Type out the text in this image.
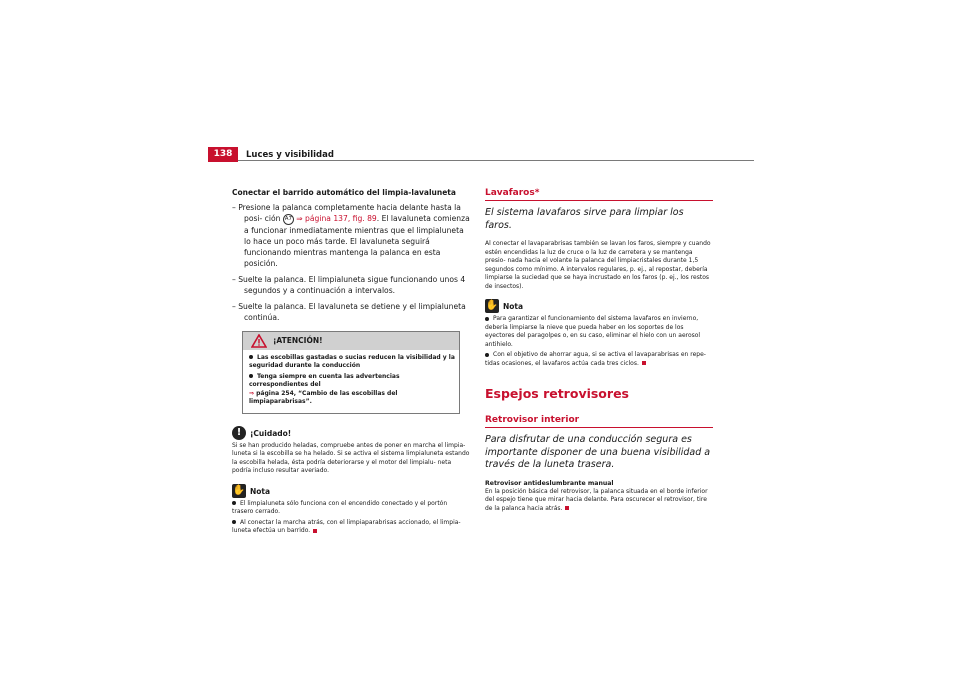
138	Luces y visibilidad

Conectar el barrido automático del limpia-lavaluneta

– Presione la palanca completamente hacia delante hasta la posi- ción A7 ⇒ página 137, fig. 89. El lavaluneta comienza a funcionar inmediatamente mientras que el limpialuneta lo hace un poco más tarde. El lavaluneta seguirá funcionando mientras mantenga la palanca en esta posición.

– Suelte la palanca. El limpialuneta sigue funcionando unos 4 segundos y a continuación a intervalos.

– Suelte la palanca. El lavaluneta se detiene y el limpialuneta continúa.

¡ATENCIÓN!

Las escobillas gastadas o sucias reducen la visibilidad y la seguridad durante la conducción

Tenga siempre en cuenta las advertencias correspondientes del
⇒ página 254, “Cambio de las escobillas del limpiaparabrisas”.

!	¡Cuidado!

Si se han producido heladas, compruebe antes de poner en marcha el limpia- luneta si la escobilla se ha helado. Si se activa el sistema limpialuneta estando la escobilla helada, ésta podría deteriorarse y el motor del limpialu- neta podría incluso resultar averiado.

✋ Nota

El limpialuneta sólo funciona con el encendido conectado y el portón trasero cerrado.

Al conectar la marcha atrás, con el limpiaparabrisas accionado, el limpia- luneta efectúa un barrido.

Lavafaros*

El sistema lavafaros sirve para limpiar los faros.

Al conectar el lavaparabrisas también se lavan los faros, siempre y cuando estén encendidas la luz de cruce o la luz de carretera y se mantenga presio- nada hacia el volante la palanca del limpiacristales durante 1,5 segundos como mínimo. A intervalos regulares, p. ej., al repostar, debería limpiarse la suciedad que se haya incrustado en los faros (p. ej., los restos de insectos).

✋ Nota

Para garantizar el funcionamiento del sistema lavafaros en invierno, debería limpiarse la nieve que pueda haber en los soportes de los eyectores del paragolpes o, en su caso, eliminar el hielo con un aerosol antihielo.

Con el objetivo de ahorrar agua, si se activa el lavaparabrisas en repe- tidas ocasiones, el lavafaros actúa cada tres ciclos.

Espejos retrovisores

Retrovisor interior

Para disfrutar de una conducción segura es importante disponer de una buena visibilidad a través de la luneta trasera.

Retrovisor antideslumbrante manual

En la posición básica del retrovisor, la palanca situada en el borde inferior del espejo tiene que mirar hacia delante. Para oscurecer el retrovisor, tire de la palanca hacia atrás.
